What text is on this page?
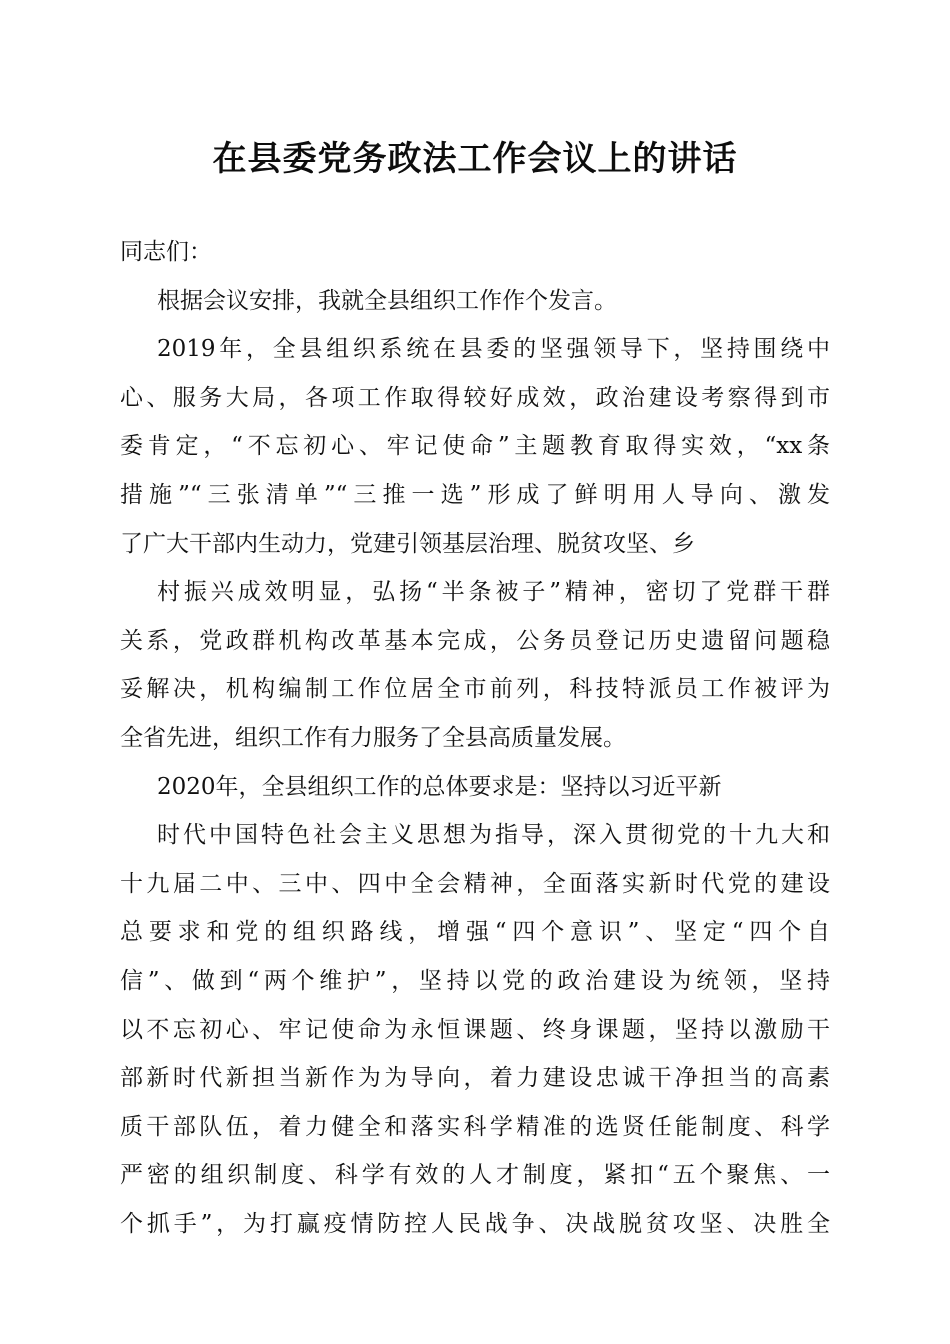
在县委党务政法工作会议上的讲话
同志们：
根据会议安排，我就全县组织工作作个发言。
2019年，全县组织系统在县委的坚强领导下，坚持围绕中
心、服务大局，各项工作取得较好成效，政治建设考察得到市
委肯定，“不忘初心、牢记使命”主题教育取得实效，“xx条
措施”“三张清单”“三推一选”形成了鲜明用人导向、激发
了广大干部内生动力，党建引领基层治理、脱贫攻坚、乡
村振兴成效明显，弘扬“半条被子”精神，密切了党群干群
关系，党政群机构改革基本完成，公务员登记历史遗留问题稳
妥解决，机构编制工作位居全市前列，科技特派员工作被评为
全省先进，组织工作有力服务了全县高质量发展。
2020年，全县组织工作的总体要求是：坚持以习近平新
时代中国特色社会主义思想为指导，深入贯彻党的十九大和
十九届二中、三中、四中全会精神，全面落实新时代党的建设
总要求和党的组织路线，增强“四个意识”、坚定“四个自
信”、做到“两个维护”，坚持以党的政治建设为统领，坚持
以不忘初心、牢记使命为永恒课题、终身课题，坚持以激励干
部新时代新担当新作为为导向，着力建设忠诚干净担当的高素
质干部队伍，着力健全和落实科学精准的选贤任能制度、科学
严密的组织制度、科学有效的人才制度，紧扣“五个聚焦、一
个抓手”，为打赢疫情防控人民战争、决战脱贫攻坚、决胜全
